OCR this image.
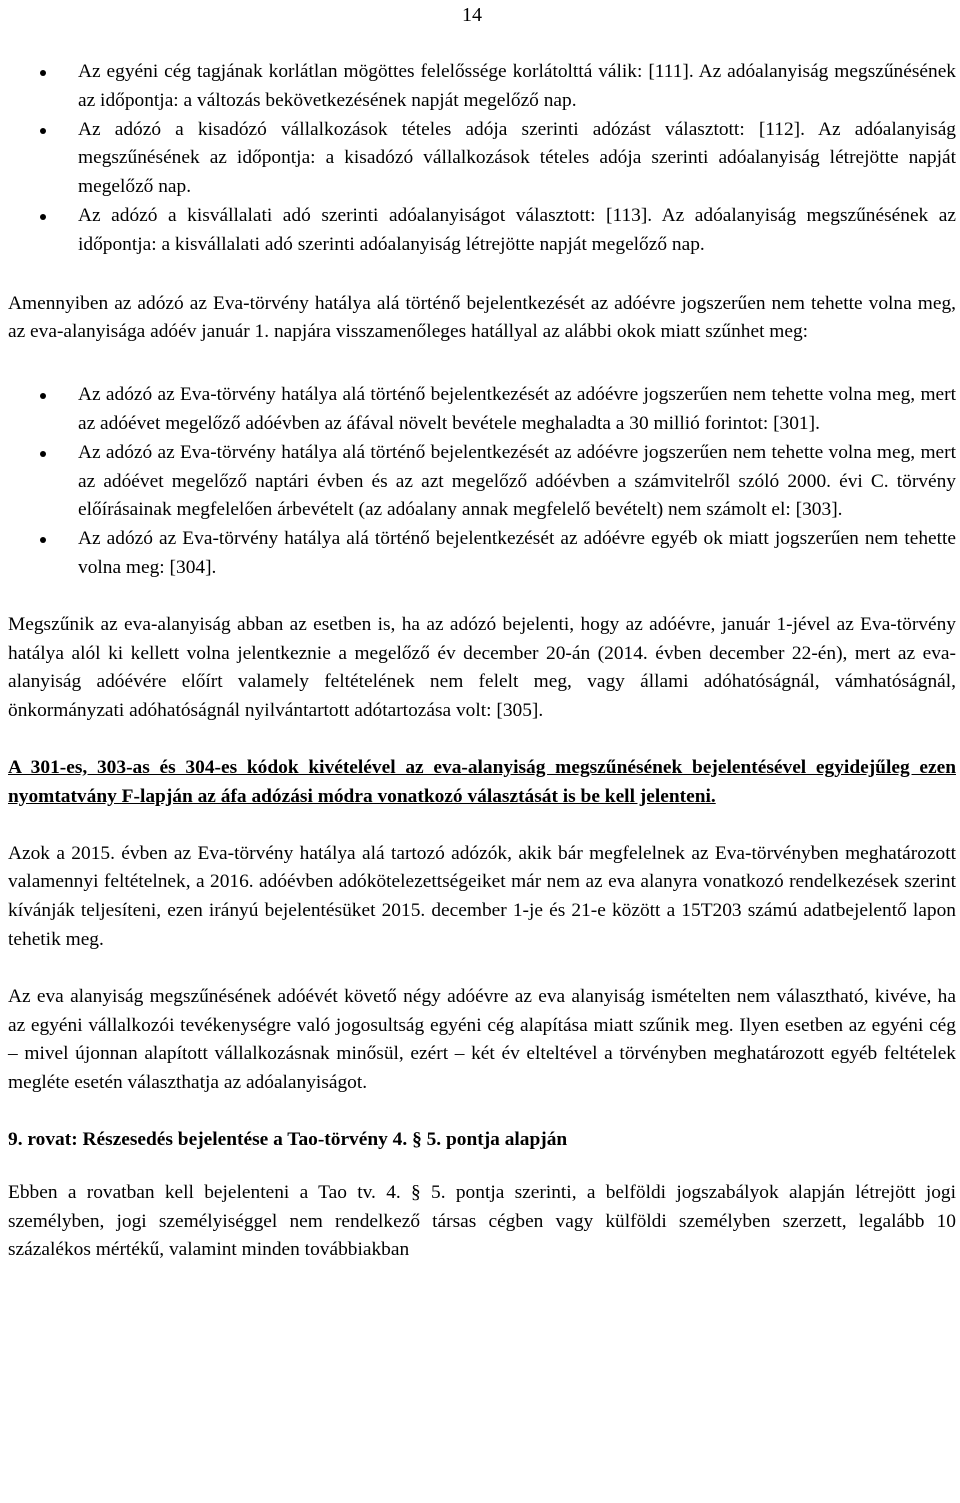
14
Az egyéni cég tagjának korlátlan mögöttes felelőssége korlátolttá válik: [111]. Az adóalanyiság megszűnésének az időpontja: a változás bekövetkezésének napját megelőző nap.
Az adózó a kisadózó vállalkozások tételes adója szerinti adózást választott: [112]. Az adóalanyiság megszűnésének az időpontja: a kisadózó vállalkozások tételes adója szerinti adóalanyiság létrejötte napját megelőző nap.
Az adózó a kisvállalati adó szerinti adóalanyiságot választott: [113]. Az adóalanyiság megszűnésének az időpontja: a kisvállalati adó szerinti adóalanyiság létrejötte napját megelőző nap.

Amennyiben az adózó az Eva-törvény hatálya alá történő bejelentkezését az adóévre jogszerűen nem tehette volna meg, az eva-alanyisága adóév január 1. napjára visszamenőleges hatállyal az alábbi okok miatt szűnhet meg:

Az adózó az Eva-törvény hatálya alá történő bejelentkezését az adóévre jogszerűen nem tehette volna meg, mert az adóévet megelőző adóévben az áfával növelt bevétele meghaladta a 30 millió forintot: [301].
Az adózó az Eva-törvény hatálya alá történő bejelentkezését az adóévre jogszerűen nem tehette volna meg, mert az adóévet megelőző naptári évben és az azt megelőző adóévben a számvitelről szóló 2000. évi C. törvény előírásainak megfelelően árbevételt (az adóalany annak megfelelő bevételt) nem számolt el: [303].
Az adózó az Eva-törvény hatálya alá történő bejelentkezését az adóévre egyéb ok miatt jogszerűen nem tehette volna meg: [304].

Megszűnik az eva-alanyiság abban az esetben is, ha az adózó bejelenti, hogy az adóévre, január 1-jével az Eva-törvény hatálya alól ki kellett volna jelentkeznie a megelőző év december 20-án (2014. évben december 22-én), mert az eva-alanyiság adóévére előírt valamely feltételének nem felelt meg, vagy állami adóhatóságnál, vámhatóságnál, önkormányzati adóhatóságnál nyilvántartott adótartozása volt: [305].

A 301-es, 303-as és 304-es kódok kivételével az eva-alanyiság megszűnésének bejelentésével egyidejűleg ezen nyomtatvány F-lapján az áfa adózási módra vonatkozó választását is be kell jelenteni.

Azok a 2015. évben az Eva-törvény hatálya alá tartozó adózók, akik bár megfelelnek az Eva-törvényben meghatározott valamennyi feltételnek, a 2016. adóévben adókötelezettségeiket már nem az eva alanyra vonatkozó rendelkezések szerint kívánják teljesíteni, ezen irányú bejelentésüket 2015. december 1-je és 21-e között a 15T203 számú adatbejelentő lapon tehetik meg.

Az eva alanyiság megszűnésének adóévét követő négy adóévre az eva alanyiság ismételten nem választható, kivéve, ha az egyéni vállalkozói tevékenységre való jogosultság egyéni cég alapítása miatt szűnik meg. Ilyen esetben az egyéni cég – mivel újonnan alapított vállalkozásnak minősül, ezért – két év elteltével a törvényben meghatározott egyéb feltételek megléte esetén választhatja az adóalanyiságot.

9. rovat: Részesedés bejelentése a Tao-törvény 4. § 5. pontja alapján

Ebben a rovatban kell bejelenteni a Tao tv. 4. § 5. pontja szerinti, a belföldi jogszabályok alapján létrejött jogi személyben, jogi személyiséggel nem rendelkező társas cégben vagy külföldi személyben szerzett, legalább 10 százalékos mértékű, valamint minden továbbiakban
